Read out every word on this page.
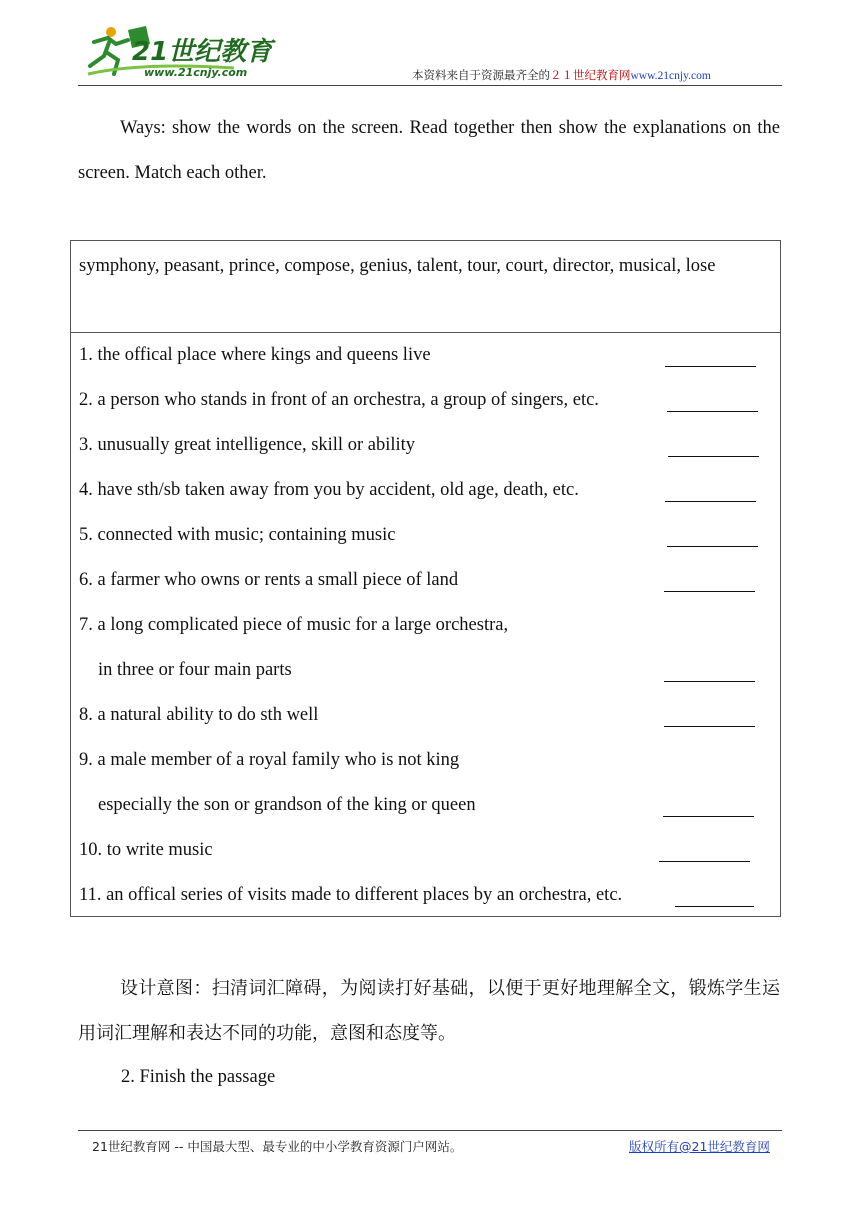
21世纪教育
www.21cnjy.com	本资料来自于资源最齐全的２１世纪教育网www.21cnjy.com
Ways: show the words on the screen. Read together then show the explanations on the screen. Match each other.
symphony, peasant, prince, compose, genius, talent, tour, court, director, musical, lose
1. the offical place where kings and queens live
2. a person who stands in front of an orchestra, a group of singers, etc.
3. unusually great intelligence, skill or ability
4. have sth/sb taken away from you by accident, old age, death, etc.
5. connected with music; containing music
6. a farmer who owns or rents a small piece of land
7. a long complicated piece of music for a large orchestra,
in three or four main parts
8. a natural ability to do sth well
9. a male member of a royal family who is not king
especially the son or grandson of the king or queen
10. to write music
11. an offical series of visits made to different places by an orchestra, etc.
设计意图：扫清词汇障碍，为阅读打好基础，以便于更好地理解全文，锻炼学生运用词汇理解和表达不同的功能，意图和态度等。
2. Finish the passage
21世纪教育网 -- 中国最大型、最专业的中小学教育资源门户网站。	版权所有@21世纪教育网
